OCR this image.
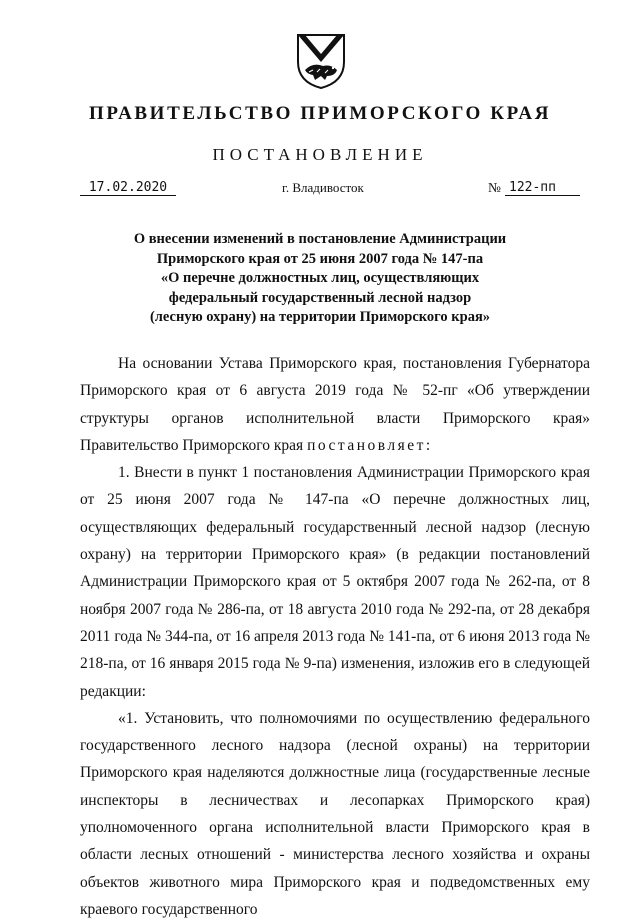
ПРАВИТЕЛЬСТВО ПРИМОРСКОГО КРАЯ
ПОСТАНОВЛЕНИЕ
17.02.2020	г. Владивосток	№ 122-пп
О внесении изменений в постановление Администрации
Приморского края от 25 июня 2007 года № 147-па
«О перечне должностных лиц, осуществляющих
федеральный государственный лесной надзор
(лесную охрану) на территории Приморского края»

На основании Устава Приморского края, постановления Губернатора Приморского края от 6 августа 2019 года № 52-пг «Об утверждении структуры органов исполнительной власти Приморского края» Правительство Приморского края постановляет:

1. Внести в пункт 1 постановления Администрации Приморского края от 25 июня 2007 года № 147-па «О перечне должностных лиц, осуществляющих федеральный государственный лесной надзор (лесную охрану) на территории Приморского края» (в редакции постановлений Администрации Приморского края от 5 октября 2007 года № 262-па, от 8 ноября 2007 года № 286-па, от 18 августа 2010 года № 292-па, от 28 декабря 2011 года № 344-па, от 16 апреля 2013 года № 141-па, от 6 июня 2013 года № 218-па, от 16 января 2015 года № 9-па) изменения, изложив его в следующей редакции:

«1. Установить, что полномочиями по осуществлению федерального государственного лесного надзора (лесной охраны) на территории Приморского края наделяются должностные лица (государственные лесные инспекторы в лесничествах и лесопарках Приморского края) уполномоченного органа исполнительной власти Приморского края в области лесных отношений - министерства лесного хозяйства и охраны объектов животного мира Приморского края и подведомственных ему краевого государственного
